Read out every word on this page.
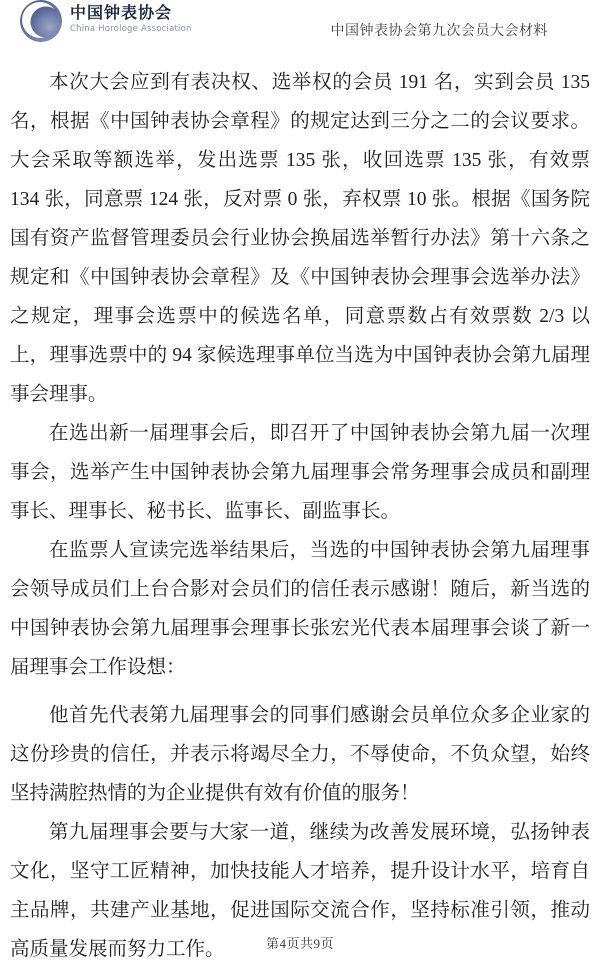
中国钟表协会
China Horologe Association	中国钟表协会第九次会员大会材料

本次大会应到有表决权、选举权的会员 191 名，实到会员 135 名，根据《中国钟表协会章程》的规定达到三分之二的会议要求。大会采取等额选举，发出选票 135 张，收回选票 135 张，有效票 134 张，同意票 124 张，反对票 0 张，弃权票 10 张。根据《国务院国有资产监督管理委员会行业协会换届选举暂行办法》第十六条之规定和《中国钟表协会章程》及《中国钟表协会理事会选举办法》之规定，理事会选票中的候选名单，同意票数占有效票数 2/3 以上，理事选票中的 94 家候选理事单位当选为中国钟表协会第九届理事会理事。

在选出新一届理事会后，即召开了中国钟表协会第九届一次理事会，选举产生中国钟表协会第九届理事会常务理事会成员和副理事长、理事长、秘书长、监事长、副监事长。

在监票人宣读完选举结果后，当选的中国钟表协会第九届理事会领导成员们上台合影对会员们的信任表示感谢！随后，新当选的中国钟表协会第九届理事会理事长张宏光代表本届理事会谈了新一届理事会工作设想：

他首先代表第九届理事会的同事们感谢会员单位众多企业家的这份珍贵的信任，并表示将竭尽全力，不辱使命，不负众望，始终坚持满腔热情的为企业提供有效有价值的服务！

第九届理事会要与大家一道，继续为改善发展环境，弘扬钟表文化，坚守工匠精神，加快技能人才培养，提升设计水平，培育自主品牌，共建产业基地，促进国际交流合作，坚持标准引领，推动高质量发展而努力工作。	第4页共9页
